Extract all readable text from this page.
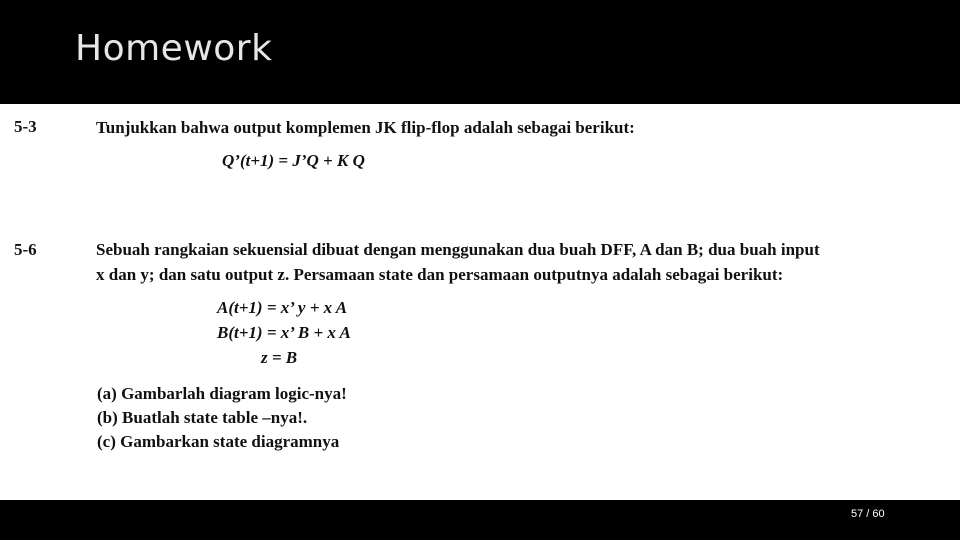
Homework
5-3	Tunjukkan bahwa output komplemen JK flip-flop adalah sebagai berikut:
Q’(t+1) = J’Q + K Q
5-6	Sebuah rangkaian sekuensial dibuat dengan menggunakan dua buah DFF, A dan B; dua buah input
x dan y; dan satu output z. Persamaan state dan persamaan outputnya adalah sebagai berikut:
A(t+1) = x’ y + x A
B(t+1) = x’ B + x A
z = B
(a) Gambarlah diagram logic-nya!
(b) Buatlah state table –nya!.
(c) Gambarkan state diagramnya
57 / 60
